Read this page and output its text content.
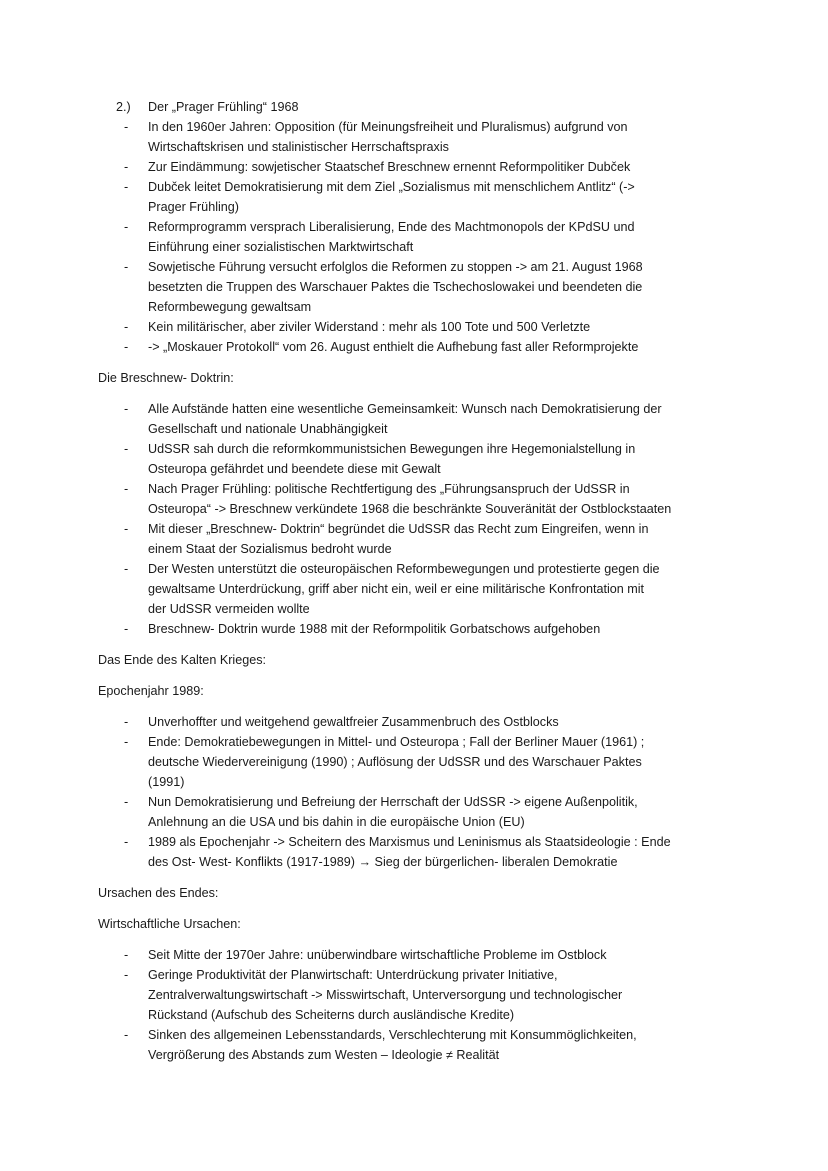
2.) Der „Prager Frühling“ 1968
- In den 1960er Jahren: Opposition (für Meinungsfreiheit und Pluralismus) aufgrund von
Wirtschaftskrisen und stalinistischer Herrschaftspraxis
- Zur Eindämmung: sowjetischer Staatschef Breschnew ernennt Reformpolitiker Dubček
- Dubček leitet Demokratisierung mit dem Ziel „Sozialismus mit menschlichem Antlitz“ (->
Prager Frühling)
- Reformprogramm versprach Liberalisierung, Ende des Machtmonopols der KPdSU und
Einführung einer sozialistischen Marktwirtschaft
- Sowjetische Führung versucht erfolglos die Reformen zu stoppen -> am 21. August 1968
besetzten die Truppen des Warschauer Paktes die Tschechoslowakei und beendeten die
Reformbewegung gewaltsam
- Kein militärischer, aber ziviler Widerstand : mehr als 100 Tote und 500 Verletzte
- -> „Moskauer Protokoll“ vom 26. August enthielt die Aufhebung fast aller Reformprojekte
Die Breschnew- Doktrin:
- Alle Aufstände hatten eine wesentliche Gemeinsamkeit: Wunsch nach Demokratisierung der
Gesellschaft und nationale Unabhängigkeit
- UdSSR sah durch die reformkommunistsichen Bewegungen ihre Hegemonialstellung in
Osteuropa gefährdet und beendete diese mit Gewalt
- Nach Prager Frühling: politische Rechtfertigung des „Führungsanspruch der UdSSR in
Osteuropa“ -> Breschnew verkündete 1968 die beschränkte Souveränität der Ostblockstaaten
- Mit dieser „Breschnew- Doktrin“ begründet die UdSSR das Recht zum Eingreifen, wenn in
einem Staat der Sozialismus bedroht wurde
- Der Westen unterstützt die osteuropäischen Reformbewegungen und protestierte gegen die
gewaltsame Unterdrückung, griff aber nicht ein, weil er eine militärische Konfrontation mit
der UdSSR vermeiden wollte
- Breschnew- Doktrin wurde 1988 mit der Reformpolitik Gorbatschows aufgehoben
Das Ende des Kalten Krieges:
Epochenjahr 1989:
- Unverhoffter und weitgehend gewaltfreier Zusammenbruch des Ostblocks
- Ende: Demokratiebewegungen in Mittel- und Osteuropa ; Fall der Berliner Mauer (1961) ;
deutsche Wiedervereinigung (1990) ; Auflösung der UdSSR und des Warschauer Paktes
(1991)
- Nun Demokratisierung und Befreiung der Herrschaft der UdSSR -> eigene Außenpolitik,
Anlehnung an die USA und bis dahin in die europäische Union (EU)
- 1989 als Epochenjahr -> Scheitern des Marxismus und Leninismus als Staatsideologie : Ende
des Ost- West- Konflikts (1917-1989) → Sieg der bürgerlichen- liberalen Demokratie
Ursachen des Endes:
Wirtschaftliche Ursachen:
- Seit Mitte der 1970er Jahre: unüberwindbare wirtschaftliche Probleme im Ostblock
- Geringe Produktivität der Planwirtschaft: Unterdrückung privater Initiative,
Zentralverwaltungswirtschaft -> Misswirtschaft, Unterversorgung und technologischer
Rückstand (Aufschub des Scheiterns durch ausländische Kredite)
- Sinken des allgemeinen Lebensstandards, Verschlechterung mit Konsummöglichkeiten,
Vergrößerung des Abstands zum Westen – Ideologie ≠ Realität
